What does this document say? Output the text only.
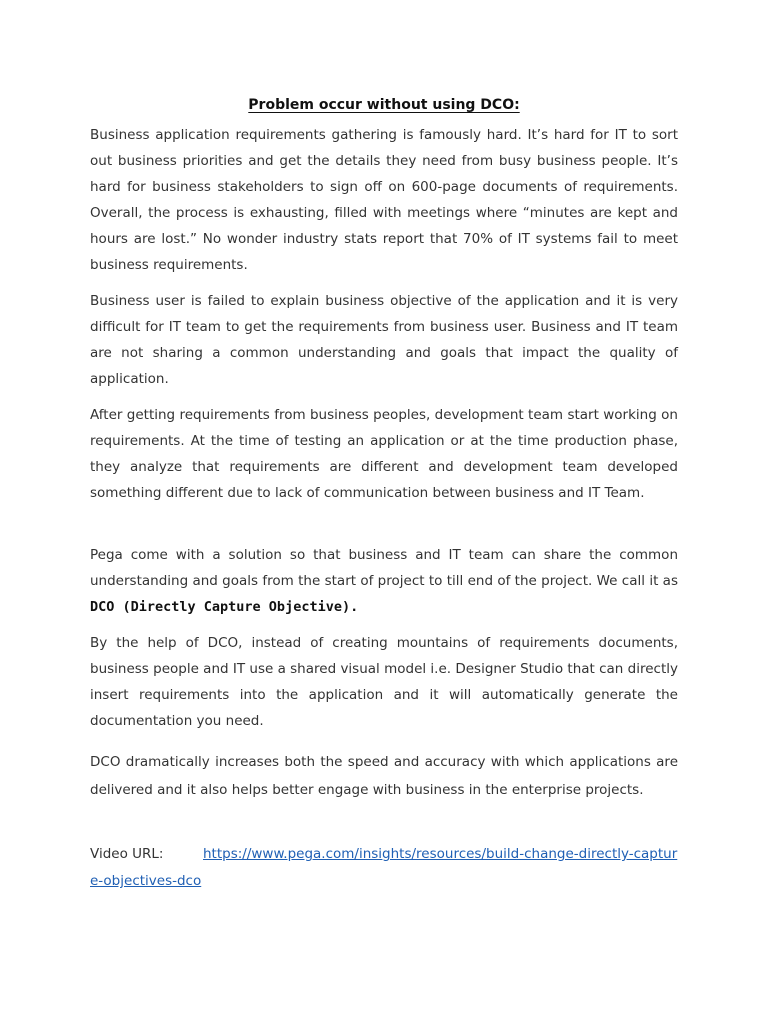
Problem occur without using DCO:

Business application requirements gathering is famously hard. It’s hard for IT to sort out business priorities and get the details they need from busy business people. It’s hard for business stakeholders to sign off on 600-page documents of requirements. Overall, the process is exhausting, filled with meetings where “minutes are kept and hours are lost.” No wonder industry stats report that 70% of IT systems fail to meet business requirements.

Business user is failed to explain business objective of the application and it is very difficult for IT team to get the requirements from business user. Business and IT team are not sharing a common understanding and goals that impact the quality of application.

After getting requirements from business peoples, development team start working on requirements. At the time of testing an application or at the time production phase, they analyze that requirements are different and development team developed something different due to lack of communication between business and IT Team.

Pega come with a solution so that business and IT team can share the common understanding and goals from the start of project to till end of the project. We call it as DCO (Directly Capture Objective).

By the help of DCO, instead of creating mountains of requirements documents, business people and IT use a shared visual model i.e. Designer Studio that can directly insert requirements into the application and it will automatically generate the documentation you need.

DCO dramatically increases both the speed and accuracy with which applications are delivered and it also helps better engage with business in the enterprise projects.

Video URL:	https://www.pega.com/insights/resources/build-change-directly-capture-objectives-dco
